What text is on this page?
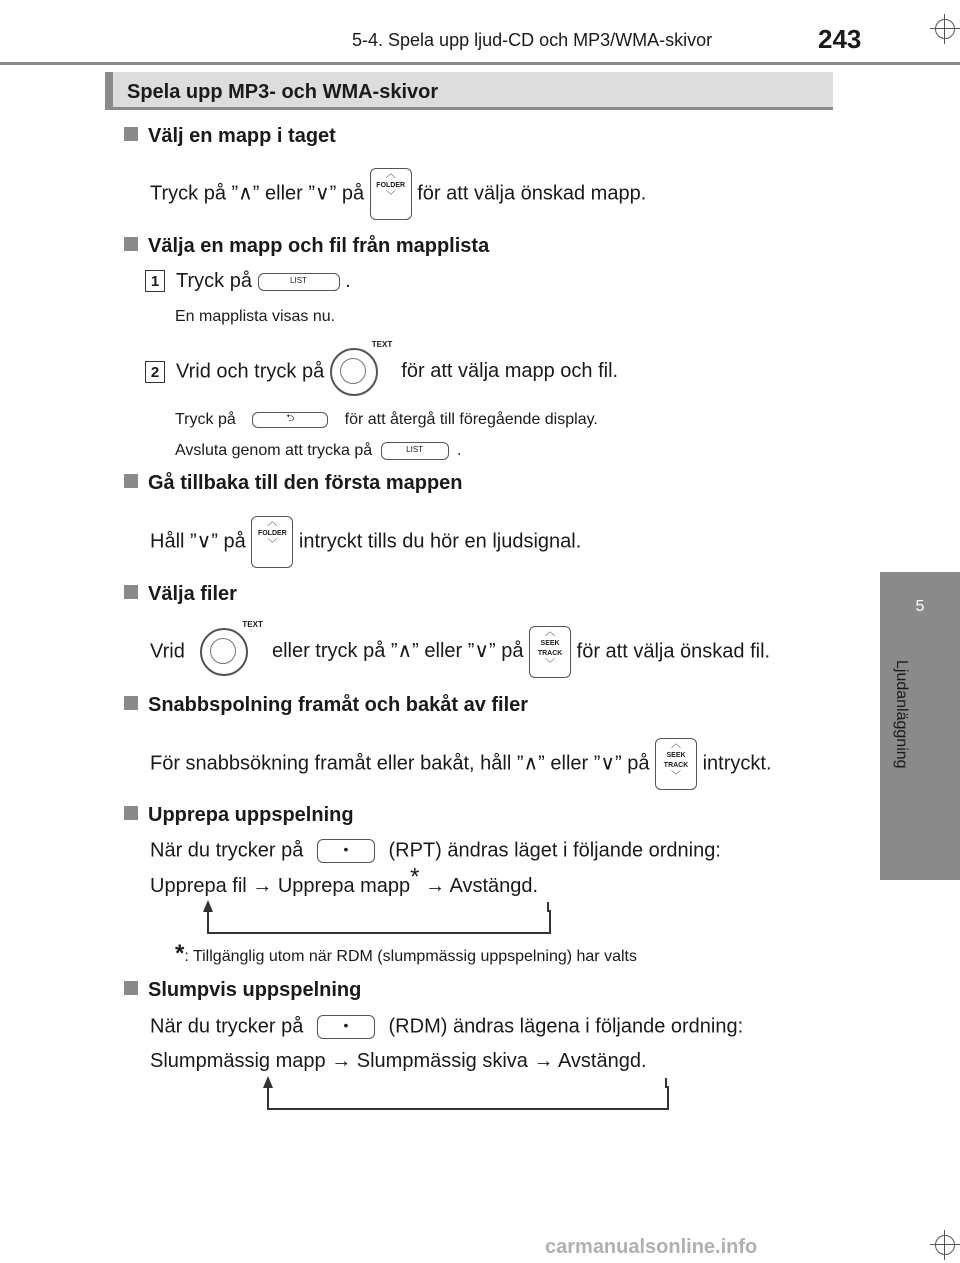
5-4. Spela upp ljud-CD och MP3/WMA-skivor	243
5
Ljudanläggning
Spela upp MP3- och WMA-skivor
Välj en mapp i taget
Tryck på ”∧” eller ”∨” på
︿
FOLDER
﹀	för att välja önskad mapp.
Välja en mapp och fil från mapplista
1 Tryck på	LIST .
En mapplista visas nu.
2 Vrid och tryck på
TEXT
för att välja mapp och fil.
Tryck på	⮌	för att återgå till föregående display.
Avsluta genom att trycka på	LIST .
Gå tillbaka till den första mappen
Håll ”∨” på
︿
FOLDER
﹀	intryckt tills du hör en ljudsignal.
Välja filer
Vrid
TEXT
eller tryck på ”∧” eller ”∨” på
︿
SEEK TRACK
﹀
för att välja önskad fil.
Snabbspolning framåt och bakåt av filer
För snabbsökning framåt eller bakåt, håll ”∧” eller ”∨” på
︿
SEEK TRACK
﹀
intryckt.
Upprepa uppspelning
När du trycker på	• (RPT) ändras läget i följande ordning:
Upprepa fil → Upprepa mapp* → Avstängd.
*: Tillgänglig utom när RDM (slumpmässig uppspelning) har valts
Slumpvis uppspelning
När du trycker på	• (RDM) ändras lägena i följande ordning:
Slumpmässig mapp → Slumpmässig skiva → Avstängd.
carmanualsonline.info
